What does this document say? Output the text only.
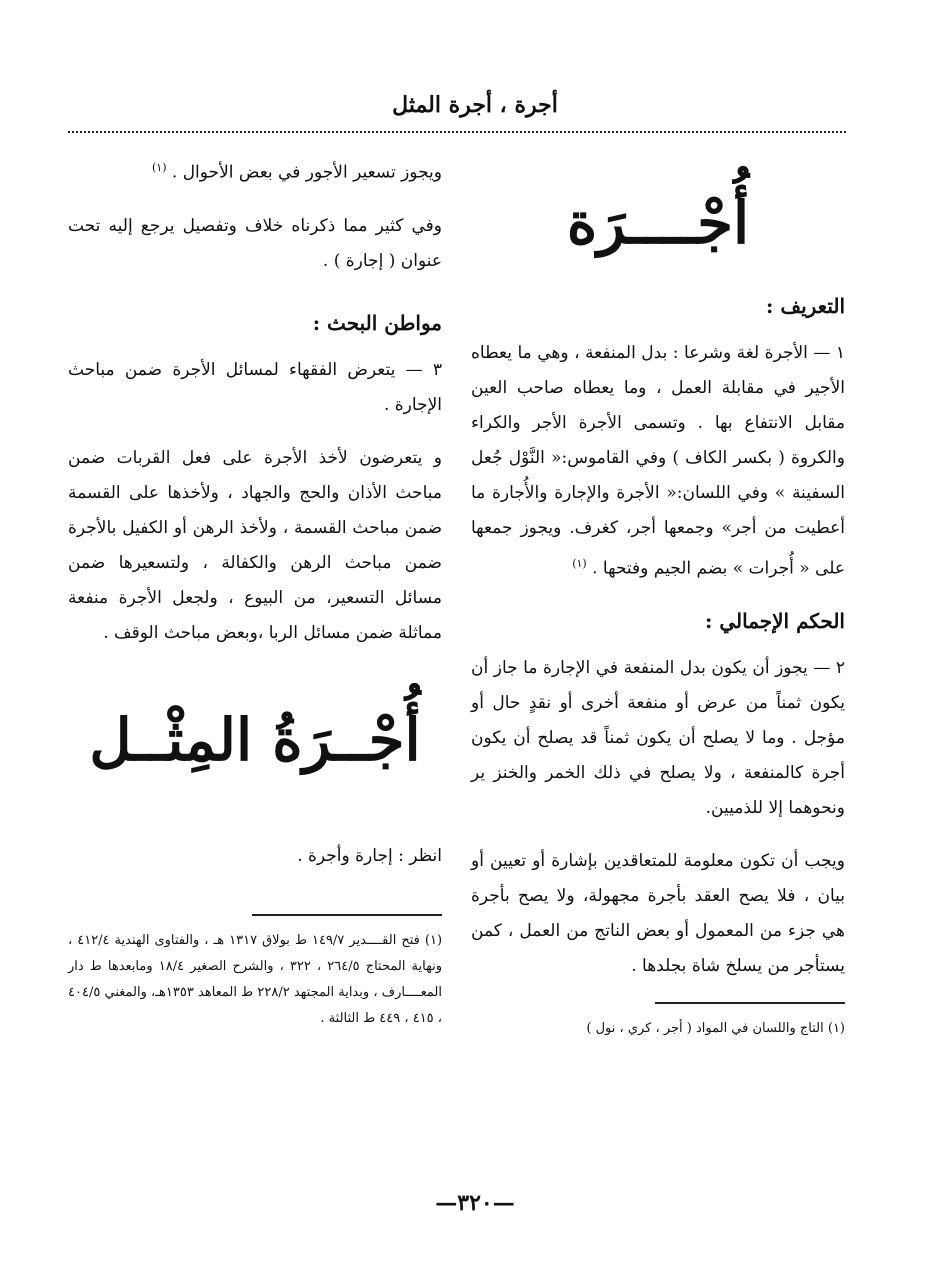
أجرة ، أجرة المثل
أُجْــــرَة
التعريف :

١ — الأجرة لغة وشرعا : بدل المنفعة ، وهي ما يعطاه الأجير في مقابلة العمل ، وما يعطاه صاحب العين مقابل الانتفاع بها . وتسمى الأجرة الأجر والكراء والكروة ( بكسر الكاف ) وفي القاموس:« النَّوْل جُعل السفينة » وفي اللسان:« الأجرة والإجارة والأُجارة ما أعطيت من أجر» وجمعها أجر، كغرف. ويجوز جمعها على « أُجرات » بضم الجيم وفتحها . $^{(١)}$

الحكم الإجمالي :

٢ — يجوز أن يكون بدل المنفعة في الإجارة ما جاز أن يكون ثمناً من عرض أو منفعة أخرى أو نقدٍ حال أو مؤجل . وما لا يصلح أن يكون ثمناً قد يصلح أن يكون أجرة كالمنفعة ، ولا يصلح في ذلك الخمر والخنز ير ونحوهما إلا للذميين.

ويجب أن تكون معلومة للمتعاقدين بإشارة أو تعيين أو بيان ، فلا يصح العقد بأجرة مجهولة، ولا يصح بأجرة هي جزء من المعمول أو بعض الناتج من العمل ، كمن يستأجر من يسلخ شاة بجلدها .

(١) التاج واللسان في المواد ( أجر ، كري ، نول )

ويجوز تسعير الأجور في بعض الأحوال . $^{(١)}$

وفي كثير مما ذكرناه خلاف وتفصيل يرجع إليه تحت عنوان ( إجارة ) .

مواطن البحث :

٣ — يتعرض الفقهاء لمسائل الأجرة ضمن مباحث الإجارة .

و يتعرضون لأخذ الأجرة على فعل القربات ضمن مباحث الأذان والحج والجهاد ، ولأخذها على القسمة ضمن مباحث القسمة ، ولأخذ الرهن أو الكفيل بالأجرة ضمن مباحث الرهن والكفالة ، ولتسعيرها ضمن مسائل التسعير، من البيوع ، ولجعل الأجرة منفعة مماثلة ضمن مسائل الربا ،وبعض مباحث الوقف .

أُجْــرَةُ المِثْــل

انظر : إجارة وأجرة .

(١) فتح القــــدير ١٤٩/٧ ط بولاق ١٣١٧ هـ ، والفتاوى الهندية ٤١٢/٤ ، ونهاية المحتاج ٢٦٤/٥ ، ٣٢٢ ، والشرح الصغير ١٨/٤ ومابعدها ط دار المعــــارف ، وبداية المجتهد ٢٢٨/٢ ط المعاهد ١٣٥٣هـ، والمغني ٤٠٤/٥ ، ٤١٥ ، ٤٤٩ ط الثالثة .
—٣٢٠—
